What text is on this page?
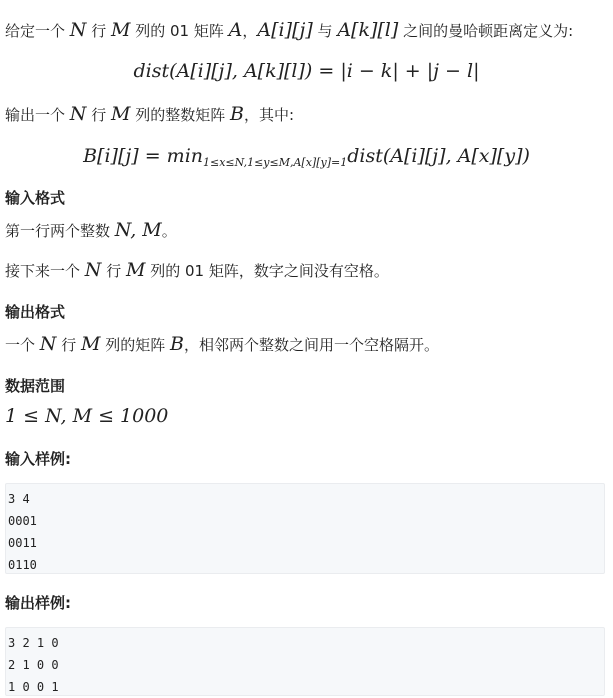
给定一个 N 行 M 列的 01 矩阵 A，A[i][j] 与 A[k][l] 之间的曼哈顿距离定义为:
dist(A[i][j], A[k][l]) = |i − k| + |j − l|
输出一个 N 行 M 列的整数矩阵 B，其中:
$B[i][j] = \min_{1\le x\le N,1\le y\le M,A[x][y]=1}dist(A[i][j]$, A[x][y])
输入格式
第一行两个整数 N, M。
接下来一个 N 行 M 列的 01 矩阵，数字之间没有空格。
输出格式
一个 N 行 M 列的矩阵 B，相邻两个整数之间用一个空格隔开。
数据范围
1 ≤ N, M ≤ 1000
输入样例:
3 4
0001
0011
0110
输出样例:
3 2 1 0
2 1 0 0
1 0 0 1
